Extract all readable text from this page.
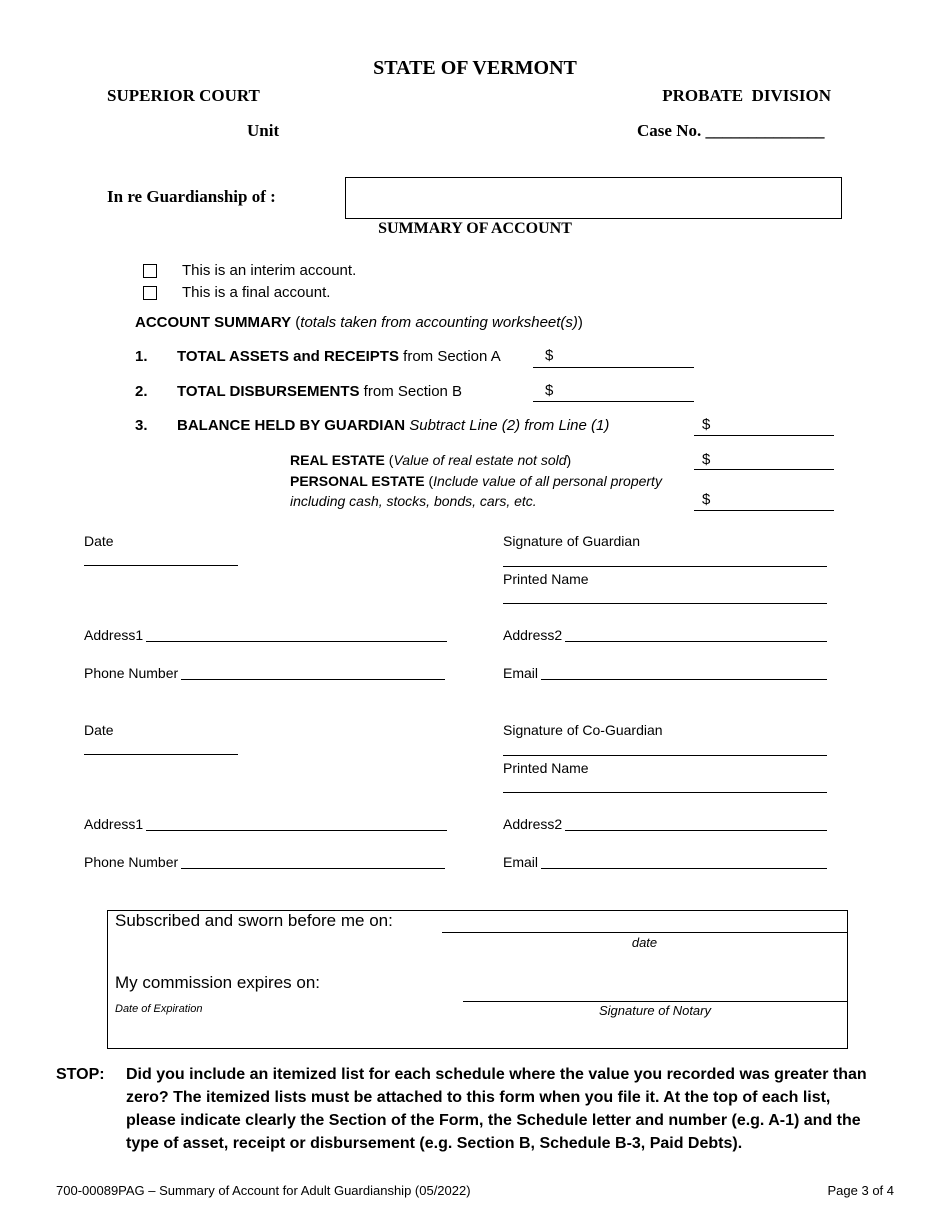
STATE OF VERMONT
SUPERIOR COURT	PROBATE  DIVISION
Unit	Case No. ______________
In re Guardianship of :
SUMMARY OF ACCOUNT
This is an interim account.
This is a final account.
ACCOUNT SUMMARY (totals taken from accounting worksheet(s))
1. TOTAL ASSETS and RECEIPTS from Section A	$
2. TOTAL DISBURSEMENTS from Section B	$
3. BALANCE HELD BY GUARDIAN Subtract Line (2) from Line (1)	$
REAL ESTATE (Value of real estate not sold)	$
PERSONAL ESTATE (Include value of all personal property
including cash, stocks, bonds, cars, etc.	$
Date	Signature of Guardian
Printed Name
Address1	Address2
Phone Number	Email
Date	Signature of Co-Guardian
Printed Name
Address1	Address2
Phone Number	Email
Subscribed and sworn before me on:
date
My commission expires on:
Date of Expiration	Signature of Notary
STOP: Did you include an itemized list for each schedule where the value you recorded was greater than
zero? The itemized lists must be attached to this form when you file it. At the top of each list,
please indicate clearly the Section of the Form, the Schedule letter and number (e.g. A-1) and the
type of asset, receipt or disbursement (e.g. Section B, Schedule B-3, Paid Debts).
700-00089PAG – Summary of Account for Adult Guardianship (05/2022)	Page 3 of 4
